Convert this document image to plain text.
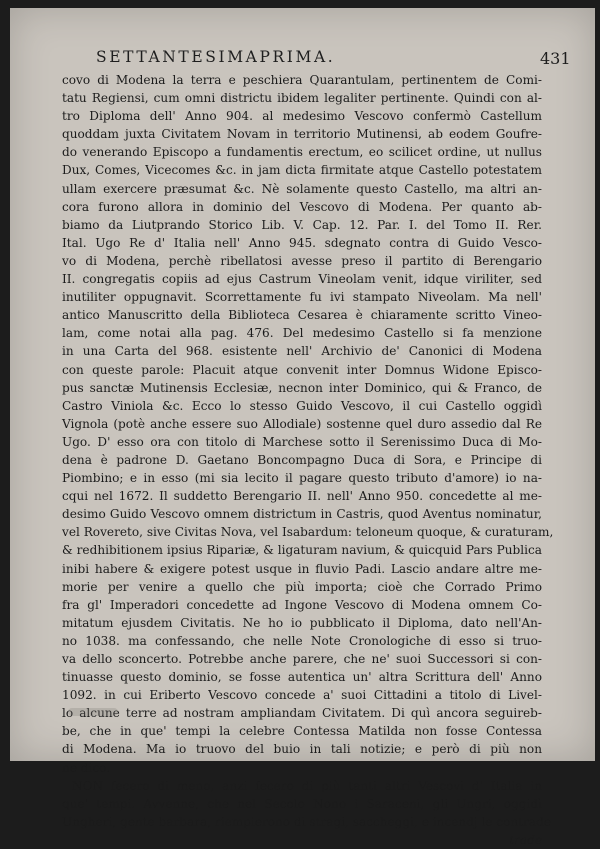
SETTANTESIMAPRIMA.	431
covo di Modena la terra e peschiera Quarantulam, pertinentem de Comi-
tatu Regiensi, cum omni districtu ibidem legaliter pertinente. Quindi con al-
tro Diploma dell' Anno 904. al medesimo Vescovo confermò Castellum
quoddam juxta Civitatem Novam in territorio Mutinensi, ab eodem Goufre-
do venerando Episcopo a fundamentis erectum, eo scilicet ordine, ut nullus
Dux, Comes, Vicecomes &c. in jam dicta firmitate atque Castello potestatem
ullam exercere præsumat &c. Nè solamente questo Castello, ma altri an-
cora furono allora in dominio del Vescovo di Modena. Per quanto ab-
biamo da Liutprando Storico Lib. V. Cap. 12. Par. I. del Tomo II. Rer.
Ital. Ugo Re d' Italia nell' Anno 945. sdegnato contra di Guido Vesco-
vo di Modena, perchè ribellatosi avesse preso il partito di Berengario
II. congregatis copiis ad ejus Castrum Vineolam venit, idque viriliter, sed
inutiliter oppugnavit. Scorrettamente fu ivi stampato Niveolam. Ma nell'
antico Manuscritto della Biblioteca Cesarea è chiaramente scritto Vineo-
lam, come notai alla pag. 476. Del medesimo Castello si fa menzione
in una Carta del 968. esistente nell' Archivio de' Canonici di Modena
con queste parole: Placuit atque convenit inter Domnus Widone Episco-
pus sanctæ Mutinensis Ecclesiæ, necnon inter Dominico, qui & Franco, de
Castro Viniola &c. Ecco lo stesso Guido Vescovo, il cui Castello oggidì
Vignola (potè anche essere suo Allodiale) sostenne quel duro assedio dal Re
Ugo. D' esso ora con titolo di Marchese sotto il Serenissimo Duca di Mo-
dena è padrone D. Gaetano Boncompagno Duca di Sora, e Principe di
Piombino; e in esso (mi sia lecito il pagare questo tributo d'amore) io na-
cqui nel 1672. Il suddetto Berengario II. nell' Anno 950. concedette al me-
desimo Guido Vescovo omnem districtum in Castris, quod Aventus nominatur,
vel Rovereto, sive Civitas Nova, vel Isabardum: teloneum quoque, & curaturam,
& redhibitionem ipsius Ripariæ, & ligaturam navium, & quicquid Pars Publica
inibi habere & exigere potest usque in fluvio Padi. Lascio andare altre me-
morie per venire a quello che più importa; cioè che Corrado Primo
fra gl' Imperadori concedette ad Ingone Vescovo di Modena omnem Co-
mitatum ejusdem Civitatis. Ne ho io pubblicato il Diploma, dato nell'An-
no 1038. ma confessando, che nelle Note Cronologiche di esso si truo-
va dello sconcerto. Potrebbe anche parere, che ne' suoi Successori si con-
tinuasse questo dominio, se fosse autentica un' altra Scrittura dell' Anno
1092. in cui Eriberto Vescovo concede a' suoi Cittadini a titolo di Livel-
lo alcune terre ad nostram ampliandam Civitatem. Di quì ancora seguireb-
be, che in que' tempi la celebre Contessa Matilda non fosse Contessa
di Modena. Ma io truovo del buio in tali notizie; e però di più non
ne dico.
NON fecero di meno, anzi fecero di più tanti altri Vescovi d' Italia in
que' tempi. Avvenne, che nel Secolo Nono i Saraceni, gli Ungri, oggidì
Ungheri, gente barbara, riempierono di stragi, saccheggi, e incendj le contrade
trade
